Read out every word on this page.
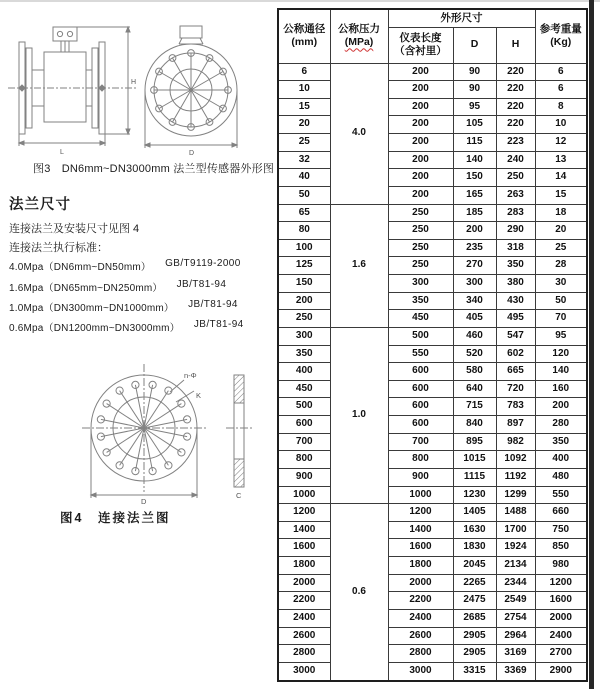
L
H
D
图3　DN6mm~DN3000mm 法兰型传感器外形图
法兰尺寸
连接法兰及安装尺寸见图 4
连接法兰执行标准：
4.0Mpa（DN6mm~DN50mm） GB/T9119-2000
1.6Mpa（DN65mm~DN250mm） JB/T81-94
1.0Mpa（DN300mm~DN1000mm） JB/T81-94
0.6Mpa（DN1200mm~DN3000mm） JB/T81-94
n-Φ
K
D
C
图4　连接法兰图
公称通径
(mm)

公称压力
(MPa)
	外形尺寸	
参考重量
(Kg)

		仪表长度
（含衬里）	D	H	
6	4.0	200	90	220	6
10		200	90	220	6
15		200	95	220	8
20		200	105	220	10
25		200	115	223	12
32		200	140	240	13
40		200	150	250	14
50		200	165	263	15
65	1.6	250	185	283	18
80		250	200	290	20
100		250	235	318	25
125		250	270	350	28
150		300	300	380	30
200		350	340	430	50
250		450	405	495	70
300	1.0	500	460	547	95
350		550	520	602	120
400		600	580	665	140
450		600	640	720	160
500		600	715	783	200
600		600	840	897	280
700		700	895	982	350
800		800	1015	1092	400
900		900	1115	1192	480
1000		1000	1230	1299	550
1200	0.6	1200	1405	1488	660
1400		1400	1630	1700	750
1600		1600	1830	1924	850
1800		1800	2045	2134	980
2000		2000	2265	2344	1200
2200		2200	2475	2549	1600
2400		2400	2685	2754	2000
2600		2600	2905	2964	2400
2800		2800	2905	3169	2700
3000		3000	3315	3369	2900
